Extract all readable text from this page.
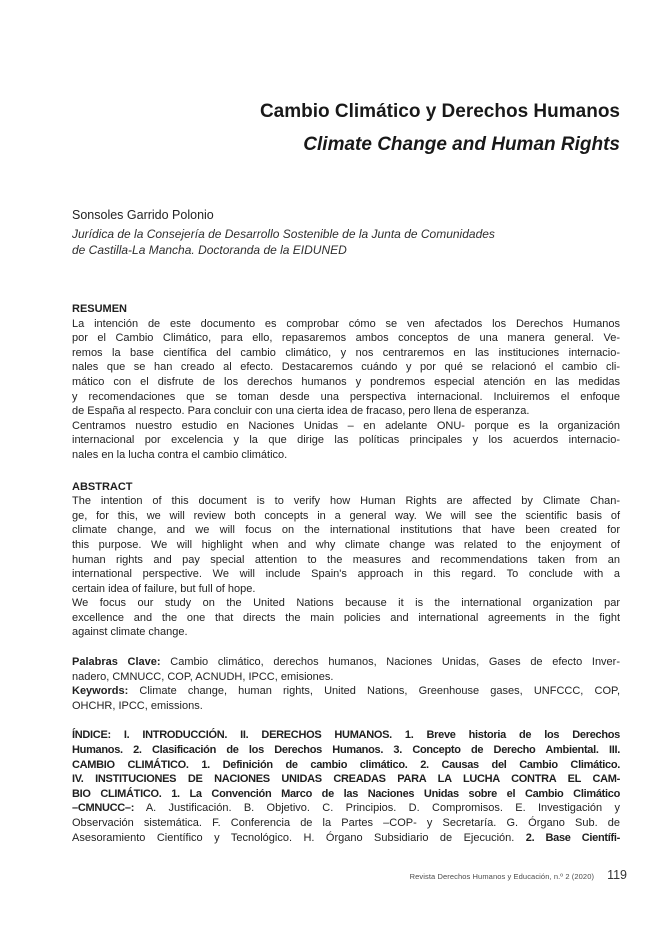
Cambio Climático y Derechos Humanos
Climate Change and Human Rights
Sonsoles Garrido Polonio
Jurídica de la Consejería de Desarrollo Sostenible de la Junta de Comunidades
de Castilla-La Mancha. Doctoranda de la EIDUNED
RESUMEN
La intención de este documento es comprobar cómo se ven afectados los Derechos Humanos
por el Cambio Climático, para ello, repasaremos ambos conceptos de una manera general. Ve-
remos la base científica del cambio climático, y nos centraremos en las instituciones internacio-
nales que se han creado al efecto. Destacaremos cuándo y por qué se relacionó el cambio cli-
mático con el disfrute de los derechos humanos y pondremos especial atención en las medidas
y recomendaciones que se toman desde una perspectiva internacional. Incluiremos el enfoque
de España al respecto. Para concluir con una cierta idea de fracaso, pero llena de esperanza.
Centramos nuestro estudio en Naciones Unidas – en adelante ONU- porque es la organización
internacional por excelencia y la que dirige las políticas principales y los acuerdos internacio-
nales en la lucha contra el cambio climático.
ABSTRACT
The intention of this document is to verify how Human Rights are affected by Climate Chan-
ge, for this, we will review both concepts in a general way. We will see the scientific basis of
climate change, and we will focus on the international institutions that have been created for
this purpose. We will highlight when and why climate change was related to the enjoyment of
human rights and pay special attention to the measures and recommendations taken from an
international perspective. We will include Spain's approach in this regard. To conclude with a
certain idea of failure, but full of hope.
We focus our study on the United Nations because it is the international organization par
excellence and the one that directs the main policies and international agreements in the fight
against climate change.
Palabras Clave: Cambio climático, derechos humanos, Naciones Unidas, Gases de efecto Inver-
nadero, CMNUCC, COP, ACNUDH, IPCC, emisiones.
Keywords: Climate change, human rights, United Nations, Greenhouse gases, UNFCCC, COP,
OHCHR, IPCC, emissions.
ÍNDICE: I. INTRODUCCIÓN. II. DERECHOS HUMANOS. 1. Breve historia de los Derechos
Humanos. 2. Clasificación de los Derechos Humanos. 3. Concepto de Derecho Ambiental. III.
CAMBIO CLIMÁTICO. 1. Definición de cambio climático. 2. Causas del Cambio Climático.
IV. INSTITUCIONES DE NACIONES UNIDAS CREADAS PARA LA LUCHA CONTRA EL CAM-
BIO CLIMÁTICO. 1. La Convención Marco de las Naciones Unidas sobre el Cambio Climático
–CMNUCC–: A. Justificación. B. Objetivo. C. Principios. D. Compromisos. E. Investigación y
Observación sistemática. F. Conferencia de la Partes –COP- y Secretaría. G. Órgano Sub. de
Asesoramiento Científico y Tecnológico. H. Órgano Subsidiario de Ejecución. 2. Base Científi-
Revista Derechos Humanos y Educación, n.º 2 (2020) 119
